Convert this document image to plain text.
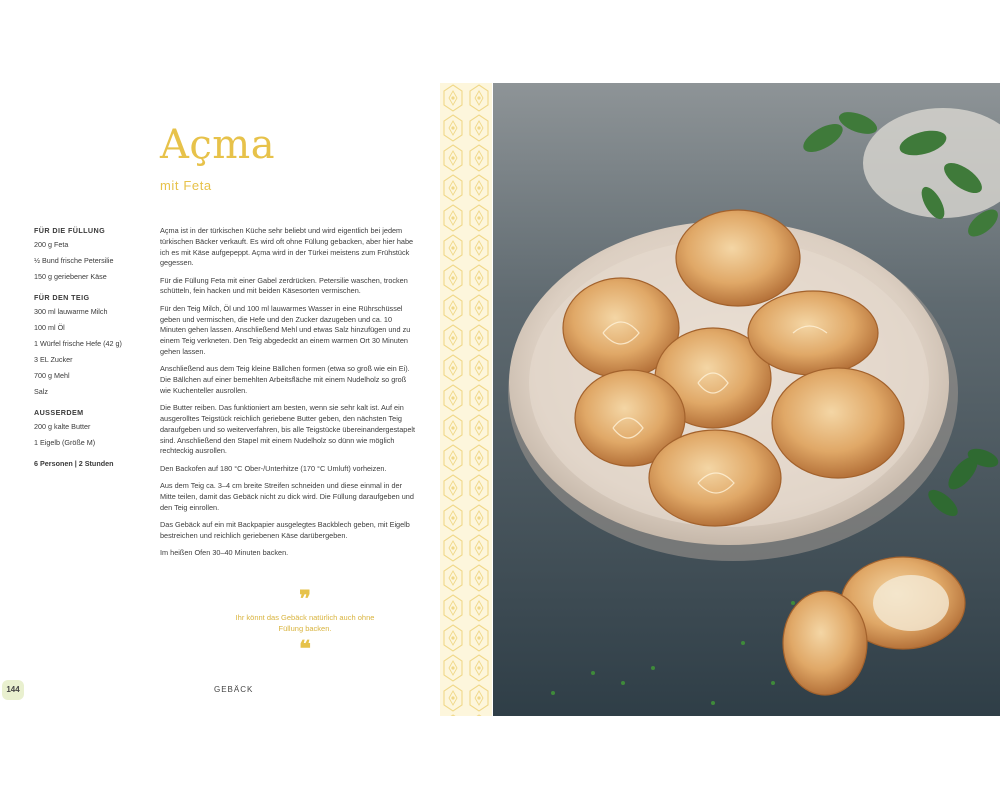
Açma
mit Feta
FÜR DIE FÜLLUNG
200 g Feta
½ Bund frische Petersilie
150 g geriebener Käse
FÜR DEN TEIG
300 ml lauwarme Milch
100 ml Öl
1 Würfel frische Hefe (42 g)
3 EL Zucker
700 g Mehl
Salz
AUSSERDEM
200 g kalte Butter
1 Eigelb (Größe M)
6 Personen | 2 Stunden

Açma ist in der türkischen Küche sehr beliebt und wird eigentlich bei jedem türkischen Bäcker verkauft. Es wird oft ohne Füllung gebacken, aber hier habe ich es mit Käse aufgepeppt. Açma wird in der Türkei meistens zum Frühstück gegessen.

Für die Füllung Feta mit einer Gabel zerdrücken. Petersilie waschen, trocken schütteln, fein hacken und mit beiden Käsesorten vermischen.

Für den Teig Milch, Öl und 100 ml lauwarmes Wasser in eine Rührschüssel geben und vermischen, die Hefe und den Zucker dazugeben und ca. 10 Minuten gehen lassen. Anschließend Mehl und etwas Salz hinzufügen und zu einem Teig verkneten. Den Teig abgedeckt an einem warmen Ort 30 Minuten gehen lassen.

Anschließend aus dem Teig kleine Bällchen formen (etwa so groß wie ein Ei). Die Bällchen auf einer bemehlten Arbeitsfläche mit einem Nudelholz so groß wie Kuchenteller ausrollen.

Die Butter reiben. Das funktioniert am besten, wenn sie sehr kalt ist. Auf ein ausgerolltes Teigstück reichlich geriebene Butter geben, den nächsten Teig daraufgeben und so weiterverfahren, bis alle Teigstücke übereinandergestapelt sind. Anschließend den Stapel mit einem Nudelholz so dünn wie möglich rechteckig ausrollen.

Den Backofen auf 180 °C Ober-/Unterhitze (170 °C Umluft) vorheizen.

Aus dem Teig ca. 3–4 cm breite Streifen schneiden und diese einmal in der Mitte teilen, damit das Gebäck nicht zu dick wird. Die Füllung daraufgeben und den Teig einrollen.

Das Gebäck auf ein mit Backpapier ausgelegtes Backblech geben, mit Eigelb bestreichen und reichlich geriebenen Käse darübergeben.

Im heißen Ofen 30–40 Minuten backen.

❞
Ihr könnt das Gebäck natürlich auch ohne Füllung backen.
❝
144	GEBÄCK
